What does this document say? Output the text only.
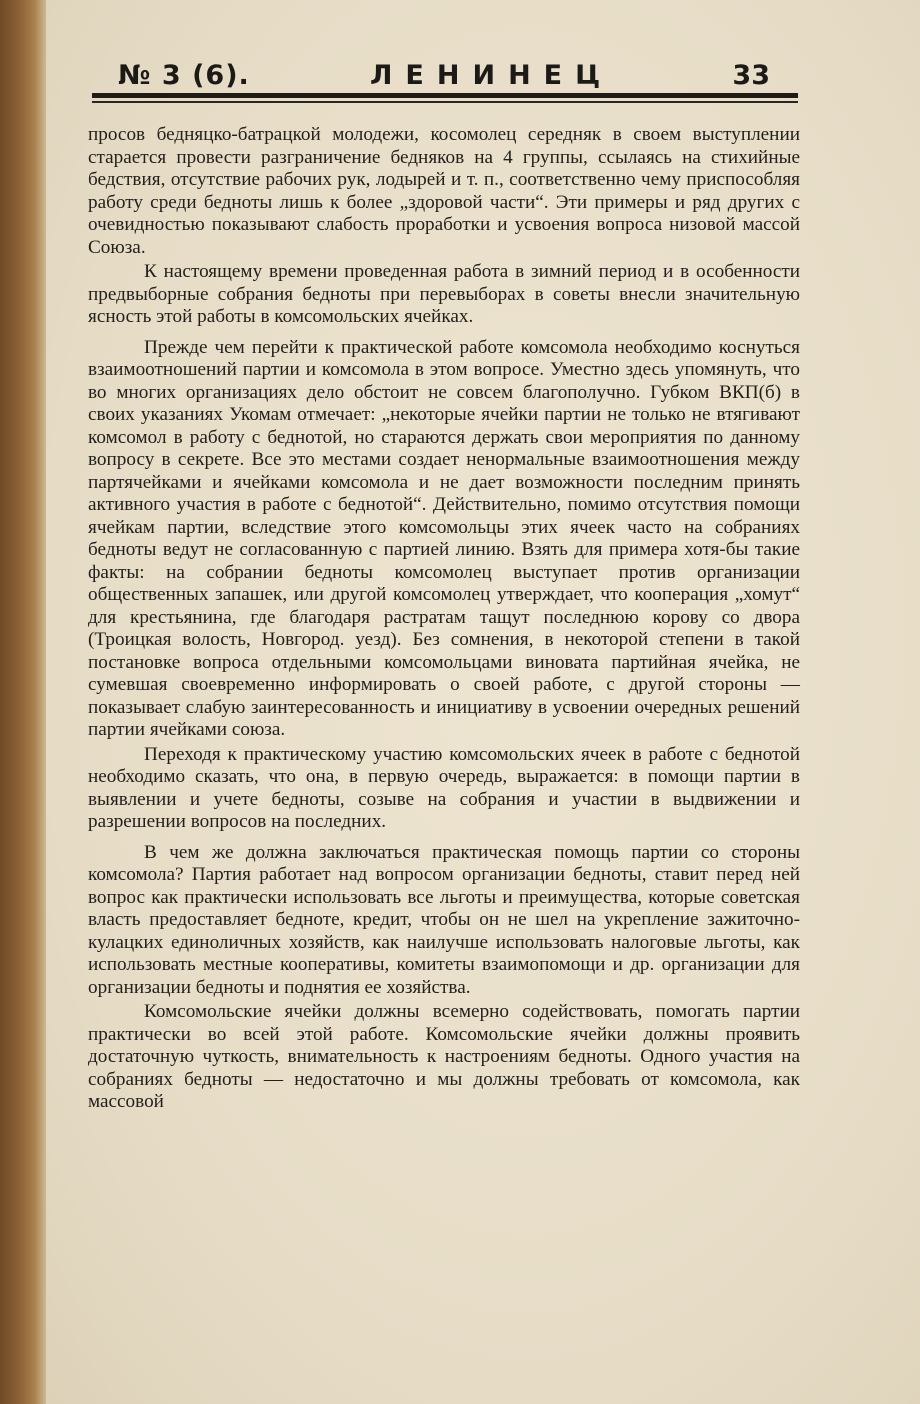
№ 3 (6).	ЛЕНИНЕЦ	33

просов бедняцко-батрацкой молодежи, косомолец середняк в своем выступлении старается провести разграничение бедняков на 4 группы, ссылаясь на стихийные бедствия, отсутствие рабочих рук, лодырей и т. п., соответственно чему приспособляя работу среди бедноты лишь к более „здоровой части“. Эти примеры и ряд других с очевидностью показывают слабость проработки и усвоения вопроса низовой массой Союза.

К настоящему времени проведенная работа в зимний период и в особенности предвыборные собрания бедноты при перевыборах в советы внесли значительную ясность этой работы в комсомольских ячейках.

Прежде чем перейти к практической работе комсомола необходимо коснуться взаимоотношений партии и комсомола в этом вопросе. Уместно здесь упомянуть, что во многих организациях дело обстоит не совсем благополучно. Губком ВКП(б) в своих указаниях Укомам отмечает: „некоторые ячейки партии не только не втягивают комсомол в работу с беднотой, но стараются держать свои мероприятия по данному вопросу в секрете. Все это местами создает ненормальные взаимоотношения между партячейками и ячейками комсомола и не дает возможности последним принять активного участия в работе с беднотой“. Действительно, помимо отсутствия помощи ячейкам партии, вследствие этого комсомольцы этих ячеек часто на собраниях бедноты ведут не согласованную с партией линию. Взять для примера хотя-бы такие факты: на собрании бедноты комсомолец выступает против организации общественных запашек, или другой комсомолец утверждает, что кооперация „хомут“ для крестьянина, где благодаря растратам тащут последнюю корову со двора (Троицкая волость, Новгород. уезд). Без сомнения, в некоторой степени в такой постановке вопроса отдельными комсомольцами виновата партийная ячейка, не сумевшая своевременно информировать о своей работе, с другой стороны — показывает слабую заинтересованность и инициативу в усвоении очередных решений партии ячейками союза.

Переходя к практическому участию комсомольских ячеек в работе с беднотой необходимо сказать, что она, в первую очередь, выражается: в помощи партии в выявлении и учете бедноты, созыве на собрания и участии в выдвижении и разрешении вопросов на последних.

В чем же должна заключаться практическая помощь партии со стороны комсомола? Партия работает над вопросом организации бедноты, ставит перед ней вопрос как практически использовать все льготы и преимущества, которые советская власть предоставляет бедноте, кредит, чтобы он не шел на укрепление зажиточно-кулацких единоличных хозяйств, как наилучше использовать налоговые льготы, как использовать местные кооперативы, комитеты взаимопомощи и др. организации для организации бедноты и поднятия ее хозяйства.

Комсомольские ячейки должны всемерно содействовать, помогать партии практически во всей этой работе. Комсомольские ячейки должны проявить достаточную чуткость, внимательность к настроениям бедноты. Одного участия на собраниях бедноты — недостаточно и мы должны требовать от комсомола, как массовой
